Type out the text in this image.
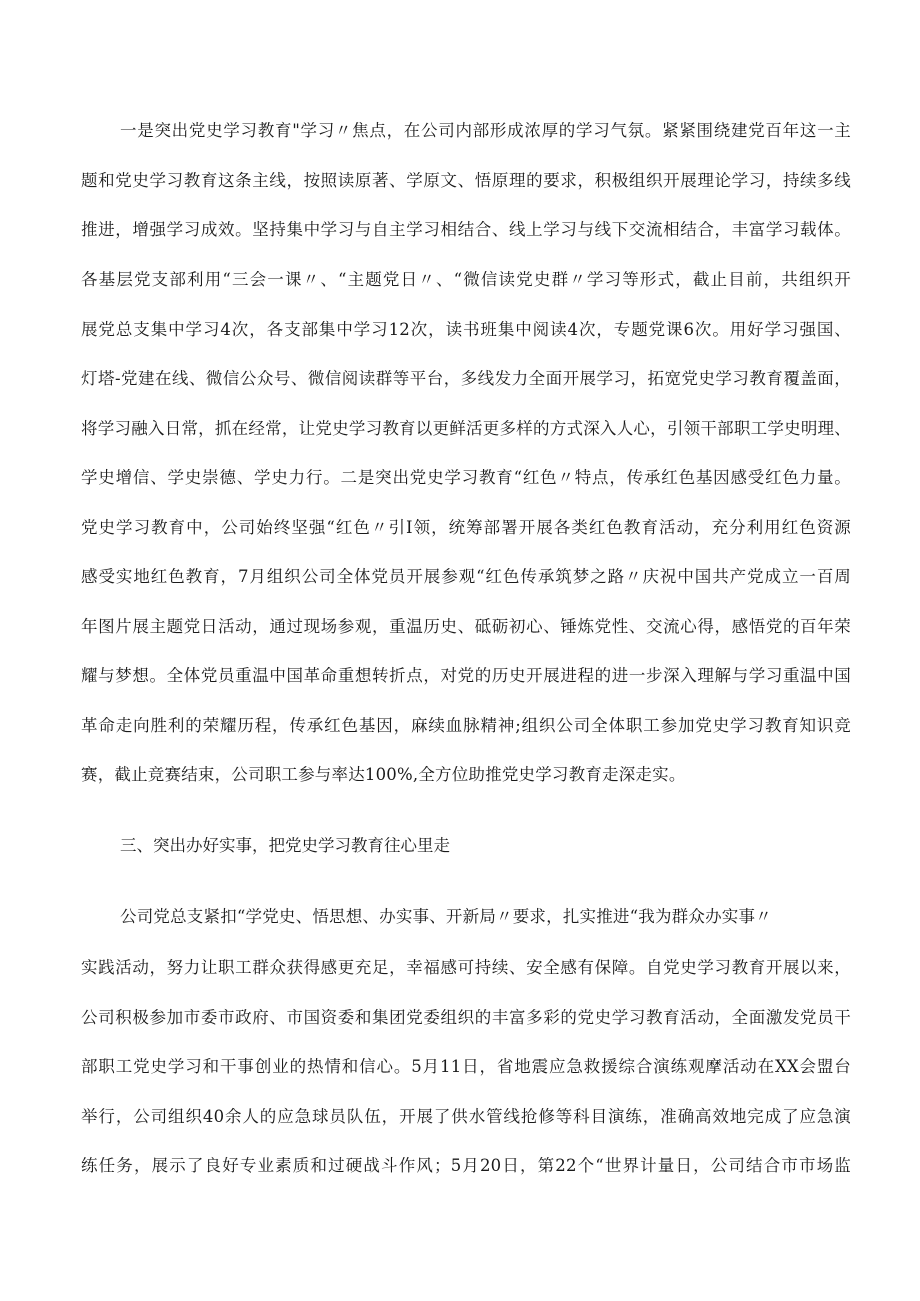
一是突出党史学习教育"学习〃焦点，在公司内部形成浓厚的学习气氛。紧紧围绕建党百年这一主
题和党史学习教育这条主线，按照读原著、学原文、悟原理的要求，积极组织开展理论学习，持续多线
推进，增强学习成效。坚持集中学习与自主学习相结合、线上学习与线下交流相结合，丰富学习载体。
各基层党支部利用“三会一课〃、“主题党日〃、“微信读党史群〃学习等形式，截止目前，共组织开
展党总支集中学习4次，各支部集中学习12次，读书班集中阅读4次，专题党课6次。用好学习强国、
灯塔-党建在线、微信公众号、微信阅读群等平台，多线发力全面开展学习，拓宽党史学习教育覆盖面，
将学习融入日常，抓在经常，让党史学习教育以更鲜活更多样的方式深入人心，引领干部职工学史明理、
学史增信、学史崇德、学史力行。二是突出党史学习教育“红色〃特点，传承红色基因感受红色力量。
党史学习教育中，公司始终坚强“红色〃引I领，统筹部署开展各类红色教育活动，充分利用红色资源
感受实地红色教育，7月组织公司全体党员开展参观“红色传承筑梦之路〃庆祝中国共产党成立一百周
年图片展主题党日活动，通过现场参观，重温历史、砥砺初心、锤炼党性、交流心得，感悟党的百年荣
耀与梦想。全体党员重温中国革命重想转折点，对党的历史开展进程的进一步深入理解与学习重温中国
革命走向胜利的荣耀历程，传承红色基因，麻续血脉精神;组织公司全体职工参加党史学习教育知识竞
赛，截止竞赛结束，公司职工参与率达100%,全方位助推党史学习教育走深走实。
三、突出办好实事，把党史学习教育往心里走
公司党总支紧扣“学党史、悟思想、办实事、开新局〃要求，扎实推进“我为群众办实事〃
实践活动，努力让职工群众获得感更充足，幸福感可持续、安全感有保障。自党史学习教育开展以来，
公司积极参加市委市政府、市国资委和集团党委组织的丰富多彩的党史学习教育活动，全面激发党员干
部职工党史学习和干事创业的热情和信心。5月11日，省地震应急救援综合演练观摩活动在XX会盟台
举行，公司组织40余人的应急球员队伍，开展了供水管线抢修等科目演练，准确高效地完成了应急演
练任务，展示了良好专业素质和过硬战斗作风；5月20日，第22个“世界计量日，公司结合市市场监
